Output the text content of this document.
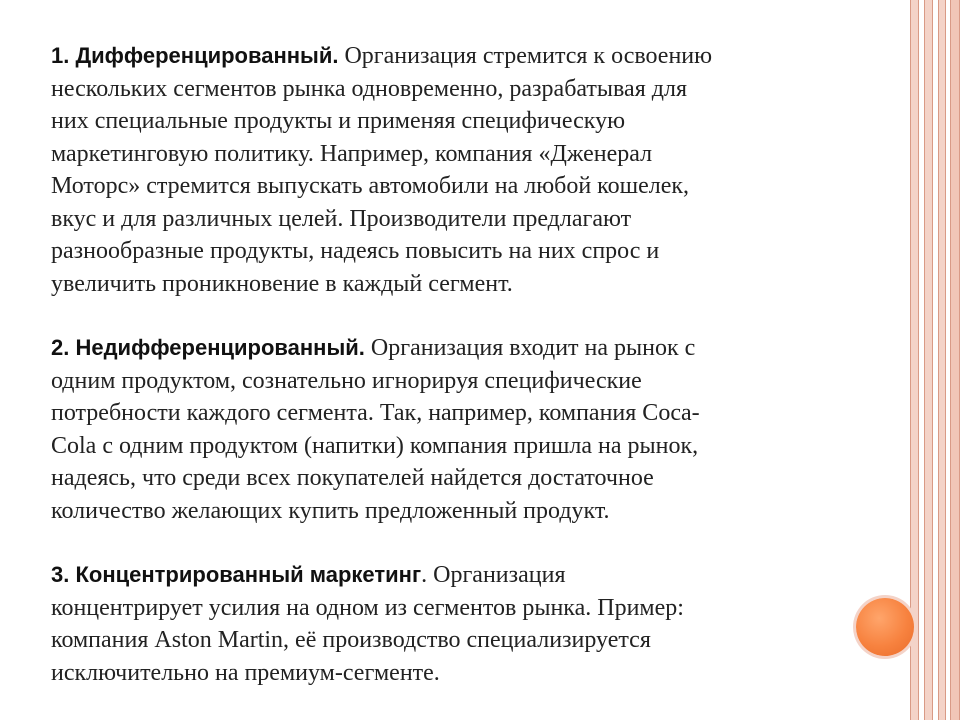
1. Дифференцированный. Организация стремится к освоению
нескольких сегментов рынка одновременно, разрабатывая для
них специальные продукты и применяя специфическую
маркетинговую политику. Например, компания «Дженерал
Моторс» стремится выпускать автомобили на любой кошелек,
вкус и для различных целей. Производители предлагают
разнообразные продукты, надеясь повысить на них спрос и
увеличить проникновение в каждый сегмент.

2. Недифференцированный. Организация входит на рынок с
одним продуктом, сознательно игнорируя специфические
потребности каждого сегмента. Так, например, компания Coca-
Cola с одним продуктом (напитки) компания пришла на рынок,
надеясь, что среди всех покупателей найдется достаточное
количество желающих купить предложенный продукт.

3. Концентрированный маркетинг. Организация
концентрирует усилия на одном из сегментов рынка. Пример:
компания Aston Martin, её производство специализируется
исключительно на премиум-сегменте.
